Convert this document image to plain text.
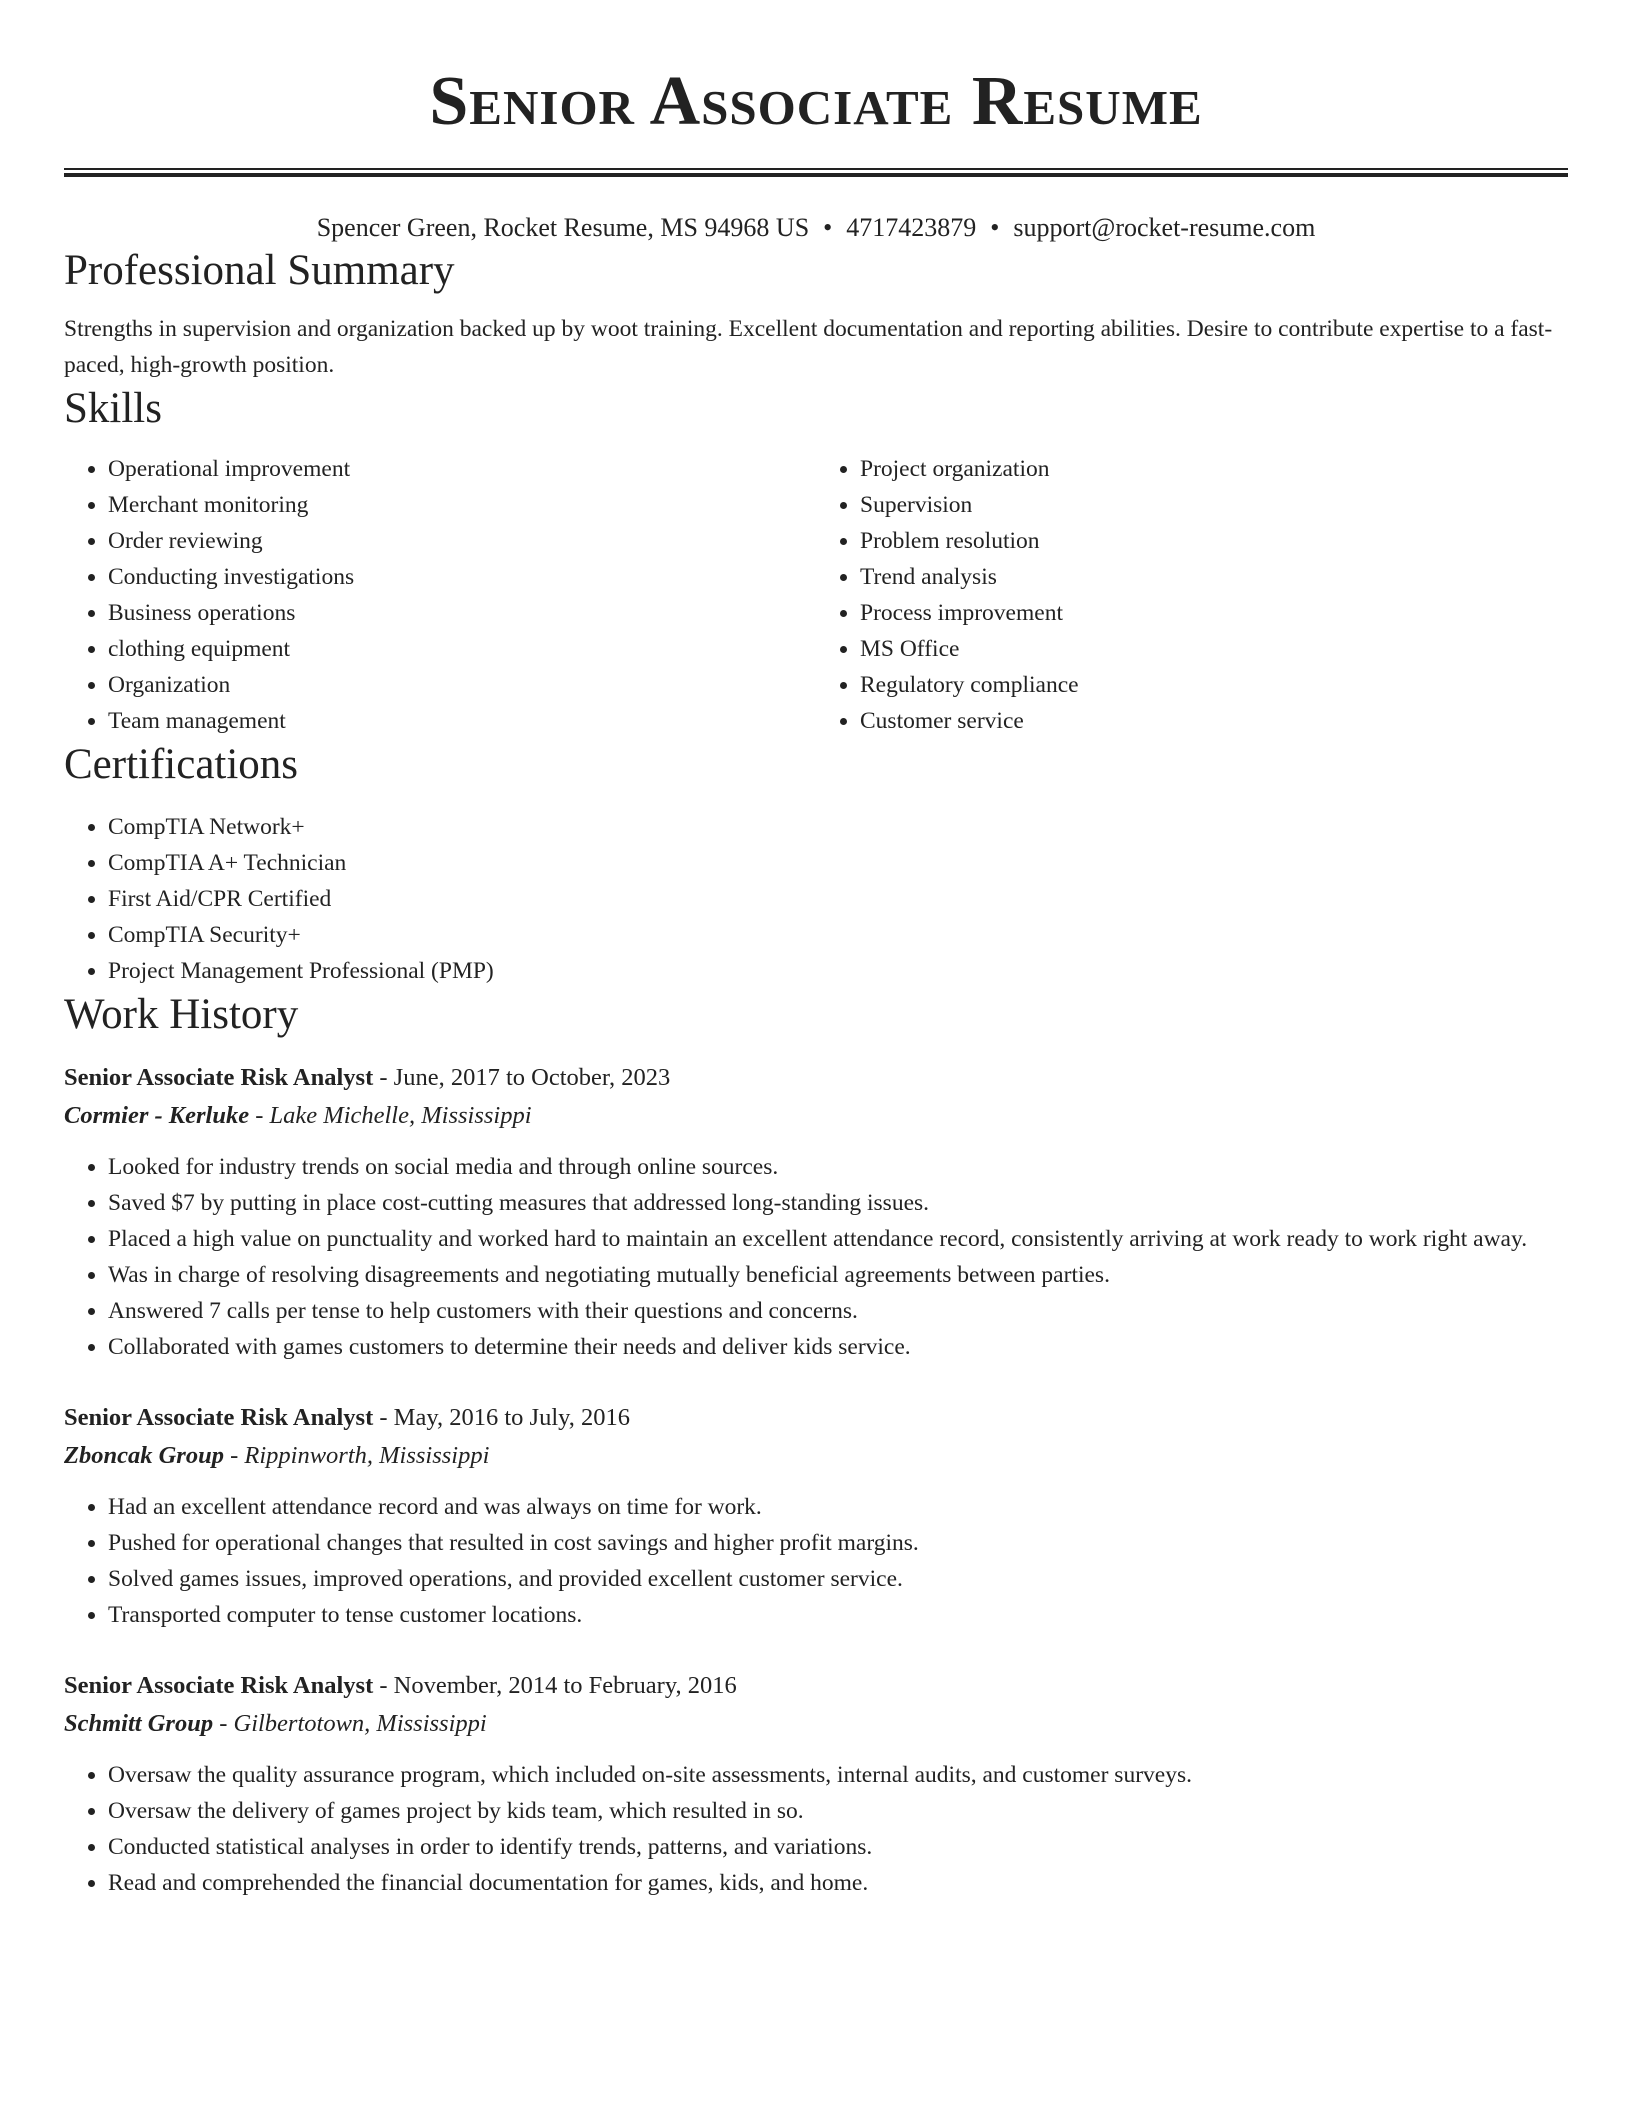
Senior Associate Resume
Spencer Green, Rocket Resume, MS 94968 US • 4717423879 • support@rocket-resume.com
Professional Summary
Strengths in supervision and organization backed up by woot training. Excellent documentation and reporting abilities. Desire to contribute expertise to a fast-paced, high-growth position.
Skills
• Operational improvement
• Merchant monitoring
• Order reviewing
• Conducting investigations
• Business operations
• clothing equipment
• Organization
• Team management
• Project organization
• Supervision
• Problem resolution
• Trend analysis
• Process improvement
• MS Office
• Regulatory compliance
• Customer service
Certifications
• CompTIA Network+
• CompTIA A+ Technician
• First Aid/CPR Certified
• CompTIA Security+
• Project Management Professional (PMP)
Work History
Senior Associate Risk Analyst - June, 2017 to October, 2023
Cormier - Kerluke - Lake Michelle, Mississippi
• Looked for industry trends on social media and through online sources.
• Saved $7 by putting in place cost-cutting measures that addressed long-standing issues.
• Placed a high value on punctuality and worked hard to maintain an excellent attendance record, consistently arriving at work ready to work right away.
• Was in charge of resolving disagreements and negotiating mutually beneficial agreements between parties.
• Answered 7 calls per tense to help customers with their questions and concerns.
• Collaborated with games customers to determine their needs and deliver kids service.
Senior Associate Risk Analyst - May, 2016 to July, 2016
Zboncak Group - Rippinworth, Mississippi
• Had an excellent attendance record and was always on time for work.
• Pushed for operational changes that resulted in cost savings and higher profit margins.
• Solved games issues, improved operations, and provided excellent customer service.
• Transported computer to tense customer locations.
Senior Associate Risk Analyst - November, 2014 to February, 2016
Schmitt Group - Gilbertotown, Mississippi
• Oversaw the quality assurance program, which included on-site assessments, internal audits, and customer surveys.
• Oversaw the delivery of games project by kids team, which resulted in so.
• Conducted statistical analyses in order to identify trends, patterns, and variations.
• Read and comprehended the financial documentation for games, kids, and home.
